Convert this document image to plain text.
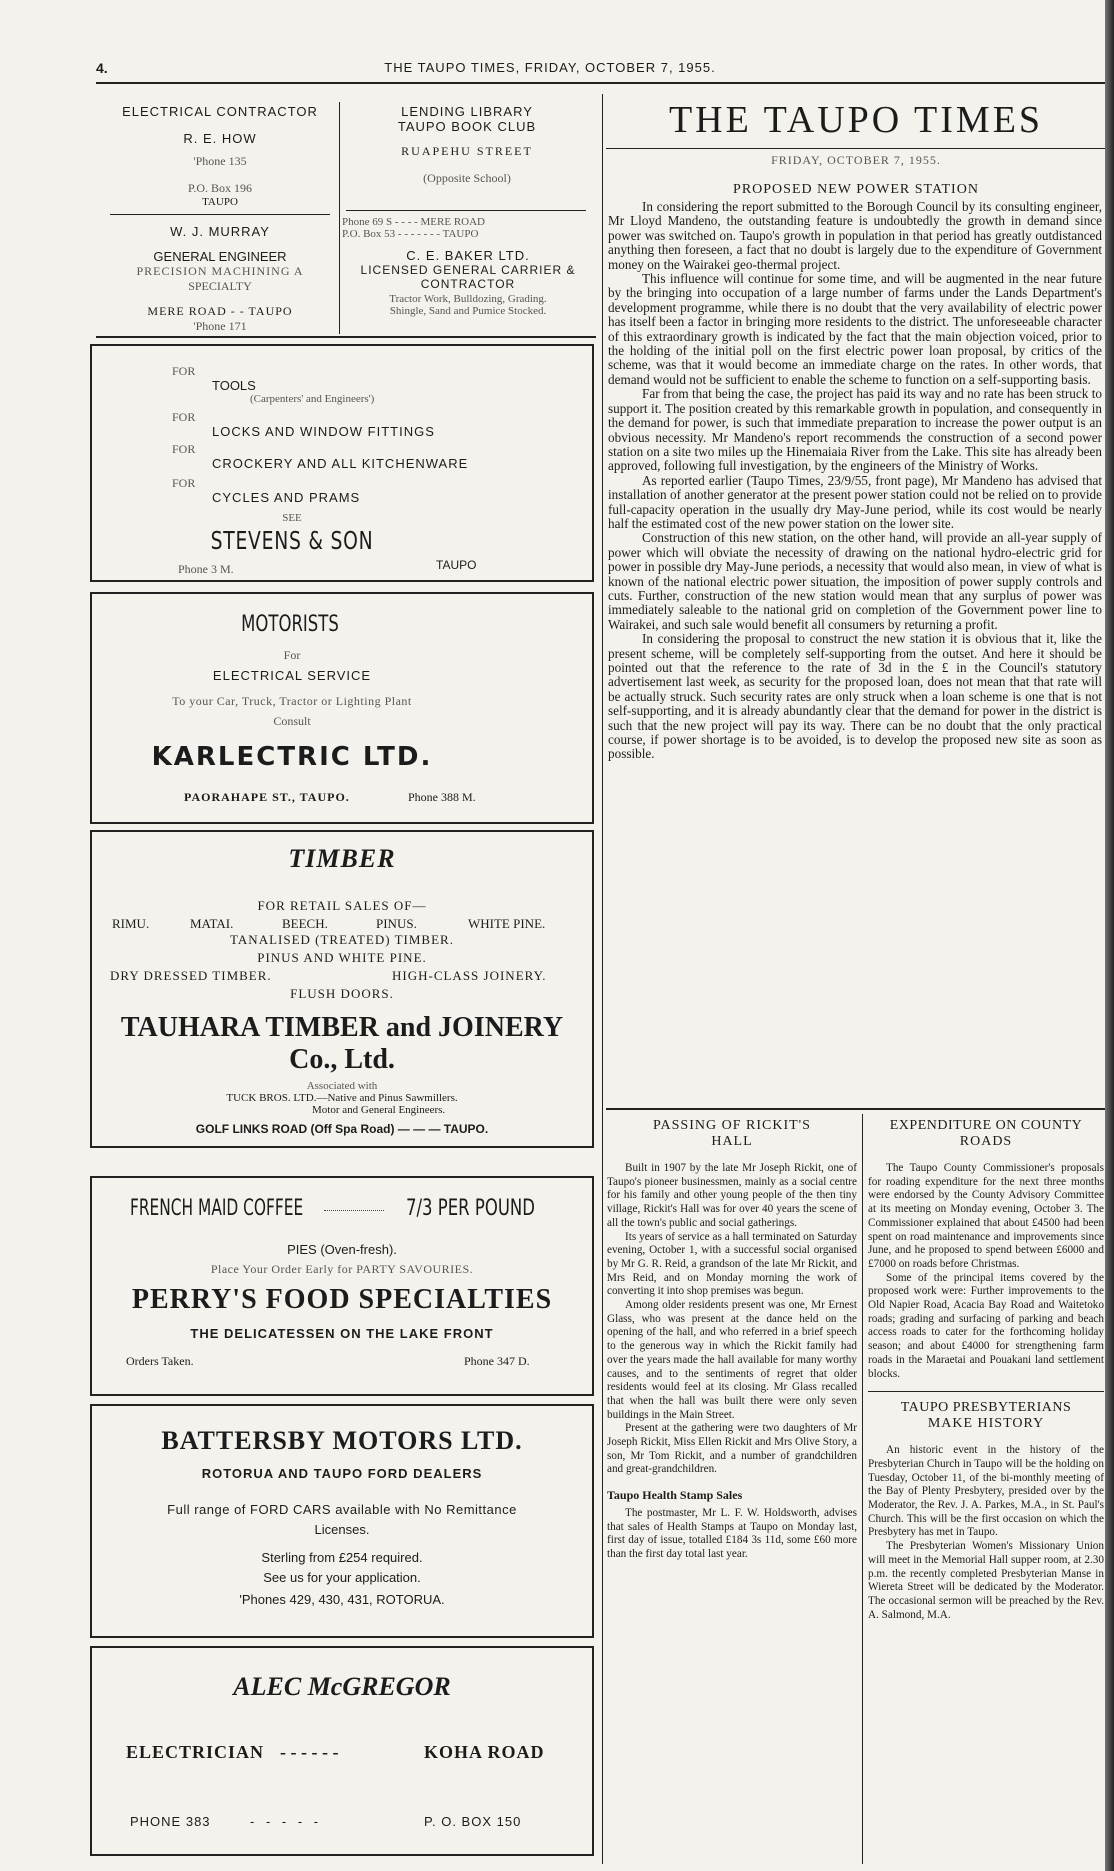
4.	THE TAUPO TIMES, FRIDAY, OCTOBER 7, 1955.
ELECTRICAL CONTRACTOR
R. E. HOW
'Phone 135
P.O. Box 196
TAUPO
W. J. MURRAY
GENERAL ENGINEER
PRECISION MACHINING A
SPECIALTY
MERE ROAD - - TAUPO
'Phone 171
LENDING LIBRARY
TAUPO BOOK CLUB
RUAPEHU STREET
(Opposite School)
Phone 69 S - - - - MERE ROAD
P.O. Box 53 - - - - - - - TAUPO
C. E. BAKER LTD.
LICENSED GENERAL CARRIER &
CONTRACTOR
Tractor Work, Bulldozing, Grading.
Shingle, Sand and Pumice Stocked.
FOR
TOOLS
(Carpenters' and Engineers')
FOR
LOCKS AND WINDOW FITTINGS
FOR
CROCKERY AND ALL KITCHENWARE
FOR
CYCLES AND PRAMS
SEE
STEVENS & SON
Phone 3 M.	TAUPO
MOTORISTS
For
ELECTRICAL SERVICE
To your Car, Truck, Tractor or Lighting Plant
Consult
KARLECTRIC LTD.
PAORAHAPE ST., TAUPO.	Phone 388 M.
TIMBER
FOR RETAIL SALES OF—
RIMU.	MATAI.	BEECH.	PINUS.	WHITE PINE.
TANALISED (TREATED) TIMBER.
PINUS AND WHITE PINE.
DRY DRESSED TIMBER.	HIGH-CLASS JOINERY.
FLUSH DOORS.
TAUHARA TIMBER and JOINERY
Co., Ltd.
Associated with
TUCK BROS. LTD.—Native and Pinus Sawmillers.
Motor and General Engineers.
GOLF LINKS ROAD (Off Spa Road) — — — TAUPO.
FRENCH MAID COFFEE	7/3 PER POUND
PIES (Oven-fresh).
Place Your Order Early for PARTY SAVOURIES.
PERRY'S FOOD SPECIALTIES
THE DELICATESSEN ON THE LAKE FRONT
Orders Taken.	Phone 347 D.
BATTERSBY MOTORS LTD.
ROTORUA AND TAUPO FORD DEALERS
Full range of FORD CARS available with No Remittance
Licenses.
Sterling from £254 required.
See us for your application.
'Phones 429, 430, 431, ROTORUA.
ALEC McGREGOR
ELECTRICIAN - - - - - -	KOHA ROAD
PHONE 383	- - - - -	P. O. BOX 150
THE TAUPO TIMES
FRIDAY, OCTOBER 7, 1955.
PROPOSED NEW POWER STATION

In considering the report submitted to the Borough Council by its consulting engineer, Mr Lloyd Mandeno, the outstanding feature is undoubtedly the growth in demand since power was switched on. Taupo's growth in population in that period has greatly outdistanced anything then foreseen, a fact that no doubt is largely due to the expenditure of Government money on the Wairakei geo-thermal project.

This influence will continue for some time, and will be augmented in the near future by the bringing into occupation of a large number of farms under the Lands Department's development programme, while there is no doubt that the very availability of electric power has itself been a factor in bringing more residents to the district. The unforeseeable character of this extraordinary growth is indicated by the fact that the main objection voiced, prior to the holding of the initial poll on the first electric power loan proposal, by critics of the scheme, was that it would become an immediate charge on the rates. In other words, that demand would not be sufficient to enable the scheme to function on a self-supporting basis.

Far from that being the case, the project has paid its way and no rate has been struck to support it. The position created by this remarkable growth in population, and consequently in the demand for power, is such that immediate preparation to increase the power output is an obvious necessity. Mr Mandeno's report recommends the construction of a second power station on a site two miles up the Hinemaiaia River from the Lake. This site has already been approved, following full investigation, by the engineers of the Ministry of Works.

As reported earlier (Taupo Times, 23/9/55, front page), Mr Mandeno has advised that installation of another generator at the present power station could not be relied on to provide full-capacity operation in the usually dry May-June period, while its cost would be nearly half the estimated cost of the new power station on the lower site.

Construction of this new station, on the other hand, will provide an all-year supply of power which will obviate the necessity of drawing on the national hydro-electric grid for power in possible dry May-June periods, a necessity that would also mean, in view of what is known of the national electric power situation, the imposition of power supply controls and cuts. Further, construction of the new station would mean that any surplus of power was immediately saleable to the national grid on completion of the Government power line to Wairakei, and such sale would benefit all consumers by returning a profit.

In considering the proposal to construct the new station it is obvious that it, like the present scheme, will be completely self-supporting from the outset. And here it should be pointed out that the reference to the rate of 3d in the £ in the Council's statutory advertisement last week, as security for the proposed loan, does not mean that that rate will be actually struck. Such security rates are only struck when a loan scheme is one that is not self-supporting, and it is already abundantly clear that the demand for power in the district is such that the new project will pay its way. There can be no doubt that the only practical course, if power shortage is to be avoided, is to develop the proposed new site as soon as possible.

PASSING OF RICKIT'S
HALL

Built in 1907 by the late Mr Joseph Rickit, one of Taupo's pioneer businessmen, mainly as a social centre for his family and other young people of the then tiny village, Rickit's Hall was for over 40 years the scene of all the town's public and social gatherings.

Its years of service as a hall terminated on Saturday evening, October 1, with a successful social organised by Mr G. R. Reid, a grandson of the late Mr Rickit, and Mrs Reid, and on Monday morning the work of converting it into shop premises was begun.

Among older residents present was one, Mr Ernest Glass, who was present at the dance held on the opening of the hall, and who referred in a brief speech to the generous way in which the Rickit family had over the years made the hall available for many worthy causes, and to the sentiments of regret that older residents would feel at its closing. Mr Glass recalled that when the hall was built there were only seven buildings in the Main Street.

Present at the gathering were two daughters of Mr Joseph Rickit, Miss Ellen Rickit and Mrs Olive Story, a son, Mr Tom Rickit, and a number of grandchildren and great-grandchildren.

Taupo Health Stamp Sales

The postmaster, Mr L. F. W. Holdsworth, advises that sales of Health Stamps at Taupo on Monday last, first day of issue, totalled £184 3s 11d, some £60 more than the first day total last year.

EXPENDITURE ON COUNTY
ROADS

The Taupo County Commissioner's proposals for roading expenditure for the next three months were endorsed by the County Advisory Committee at its meeting on Monday evening, October 3. The Commissioner explained that about £4500 had been spent on road maintenance and improvements since June, and he proposed to spend between £6000 and £7000 on roads before Christmas.

Some of the principal items covered by the proposed work were: Further improvements to the Old Napier Road, Acacia Bay Road and Waitetoko roads; grading and surfacing of parking and beach access roads to cater for the forthcoming holiday season; and about £4000 for strengthening farm roads in the Maraetai and Pouakani land settlement blocks.

TAUPO PRESBYTERIANS
MAKE HISTORY

An historic event in the history of the Presbyterian Church in Taupo will be the holding on Tuesday, October 11, of the bi-monthly meeting of the Bay of Plenty Presbytery, presided over by the Moderator, the Rev. J. A. Parkes, M.A., in St. Paul's Church. This will be the first occasion on which the Presbytery has met in Taupo.

The Presbyterian Women's Missionary Union will meet in the Memorial Hall supper room, at 2.30 p.m. the recently completed Presbyterian Manse in Wiereta Street will be dedicated by the Moderator. The occasional sermon will be preached by the Rev. A. Salmond, M.A.
